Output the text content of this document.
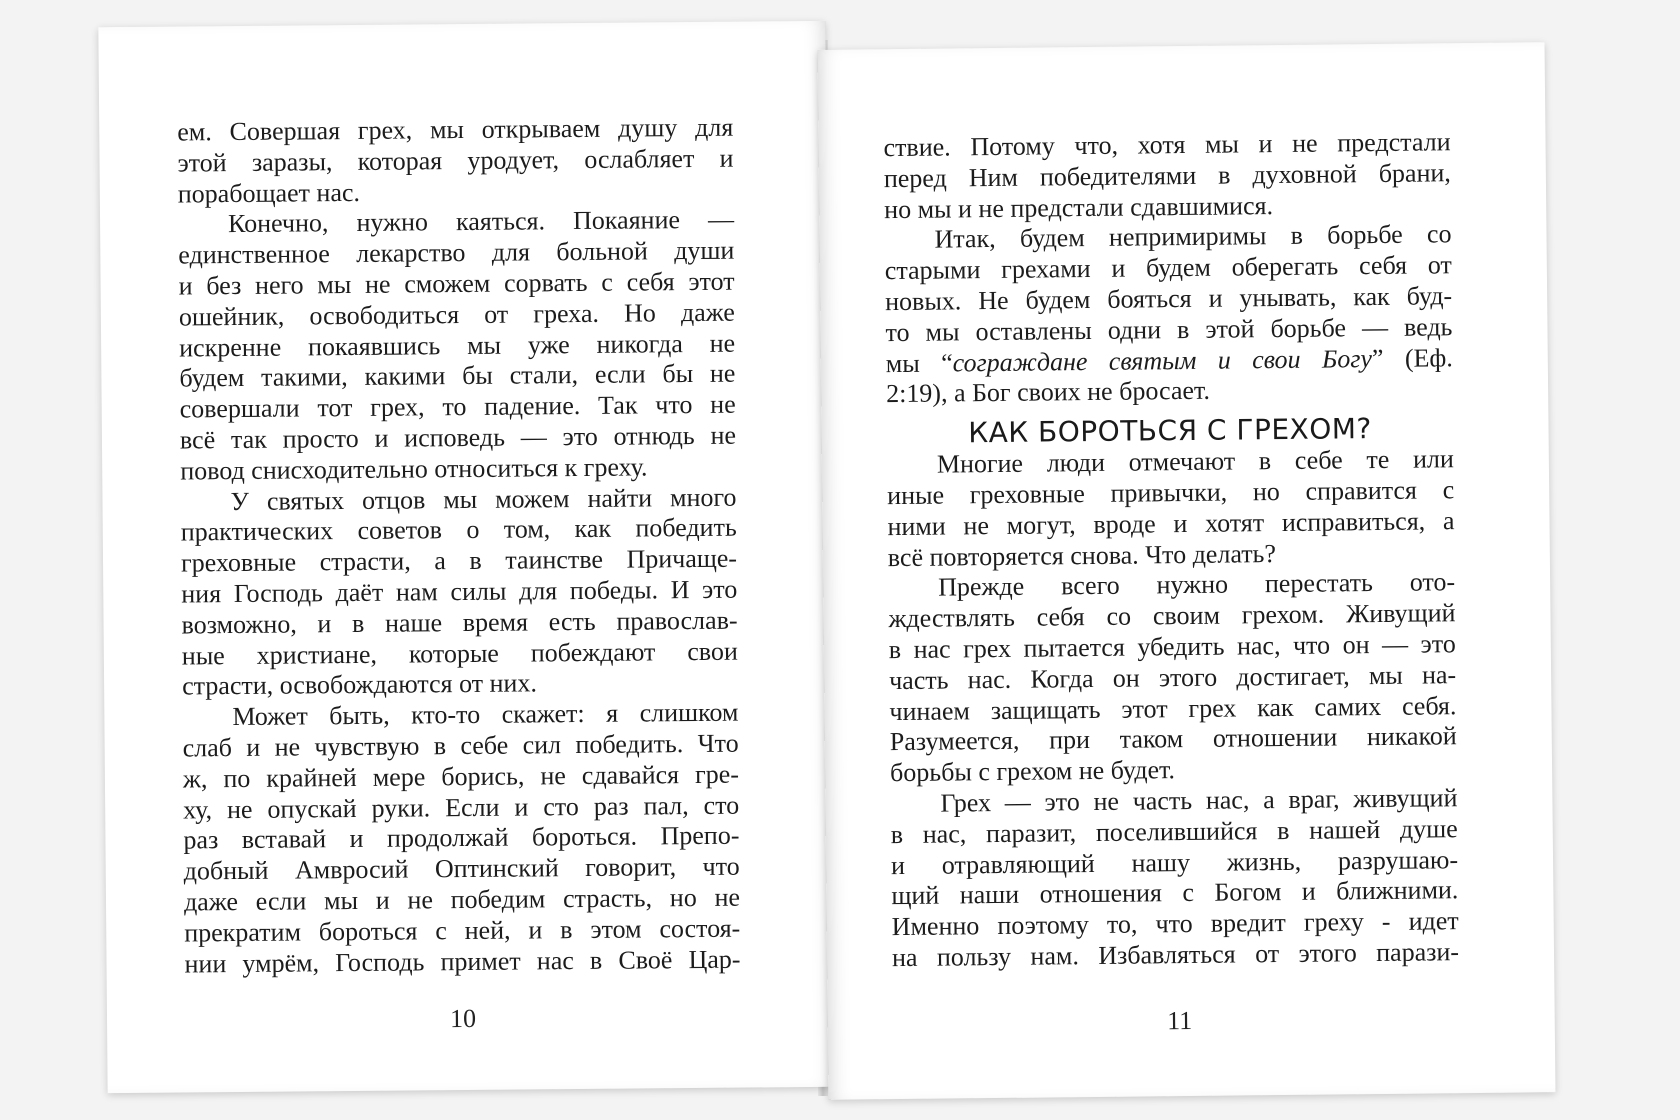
ем. Совершая грех, мы открываем душу для
этой заразы, которая уродует, ослабляет и
порабощает нас.
Конечно, нужно каяться. Покаяние —
единственное лекарство для больной души
и без него мы не сможем сорвать с себя этот
ошейник, освободиться от греха. Но даже
искренне покаявшись мы уже никогда не
будем такими, какими бы стали, если бы не
совершали тот грех, то падение. Так что не
всё так просто и исповедь — это отнюдь не
повод снисходительно относиться к греху.
У святых отцов мы можем найти много
практических советов о том, как победить
греховные страсти, а в таинстве Причаще-
ния Господь даёт нам силы для победы. И это
возможно, и в наше время есть православ-
ные христиане, которые побеждают свои
страсти, освобождаются от них.
Может быть, кто-то скажет: я слишком
слаб и не чувствую в себе сил победить. Что
ж, по крайней мере борись, не сдавайся гре-
ху, не опускай руки. Если и сто раз пал, сто
раз вставай и продолжай бороться. Препо-
добный Амвросий Оптинский говорит, что
даже если мы и не победим страсть, но не
прекратим бороться с ней, и в этом состоя-
нии умрём, Господь примет нас в Своё Цар-
10
ствие. Потому что, хотя мы и не предстали
перед Ним победителями в духовной брани,
но мы и не предстали сдавшимися.
Итак, будем непримиримы в борьбе со
старыми грехами и будем оберегать себя от
новых. Не будем бояться и унывать, как буд-
то мы оставлены одни в этой борьбе — ведь
мы “сограждане святым и свои Богу” (Еф.
2:19), а Бог своих не бросает.
КАК БОРОТЬСЯ С ГРЕХОМ?
Многие люди отмечают в себе те или
иные греховные привычки, но справится с
ними не могут, вроде и хотят исправиться, а
всё повторяется снова. Что делать?
Прежде всего нужно перестать ото-
ждествлять себя со своим грехом. Живущий
в нас грех пытается убедить нас, что он — это
часть нас. Когда он этого достигает, мы на-
чинаем защищать этот грех как самих себя.
Разумеется, при таком отношении никакой
борьбы с грехом не будет.
Грех — это не часть нас, а враг, живущий
в нас, паразит, поселившийся в нашей душе
и отравляющий нашу жизнь, разрушаю-
щий наши отношения с Богом и ближними.
Именно поэтому то, что вредит греху - идет
на пользу нам. Избавляться от этого парази-
11
